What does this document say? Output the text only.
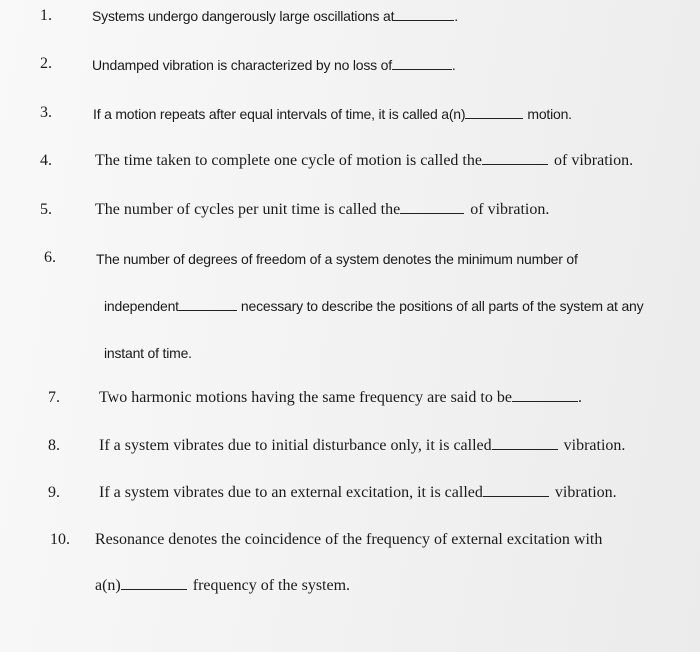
1.	Systems undergo dangerously large oscillations at	.
2.	Undamped vibration is characterized by no loss of	.
3.	If a motion repeats after equal intervals of time, it is called a(n)	motion.
4.	The time taken to complete one cycle of motion is called the	of vibration.
5.	The number of cycles per unit time is called the	of vibration.
6.	The number of degrees of freedom of a system denotes the minimum number of
independent	necessary to describe the positions of all parts of the system at any
instant of time.
7. Two harmonic motions having the same frequency are said to be	.
8. If a system vibrates due to initial disturbance only, it is called	vibration.
9. If a system vibrates due to an external excitation, it is called	vibration.
10. Resonance denotes the coincidence of the frequency of external excitation with
a(n)	frequency of the system.
